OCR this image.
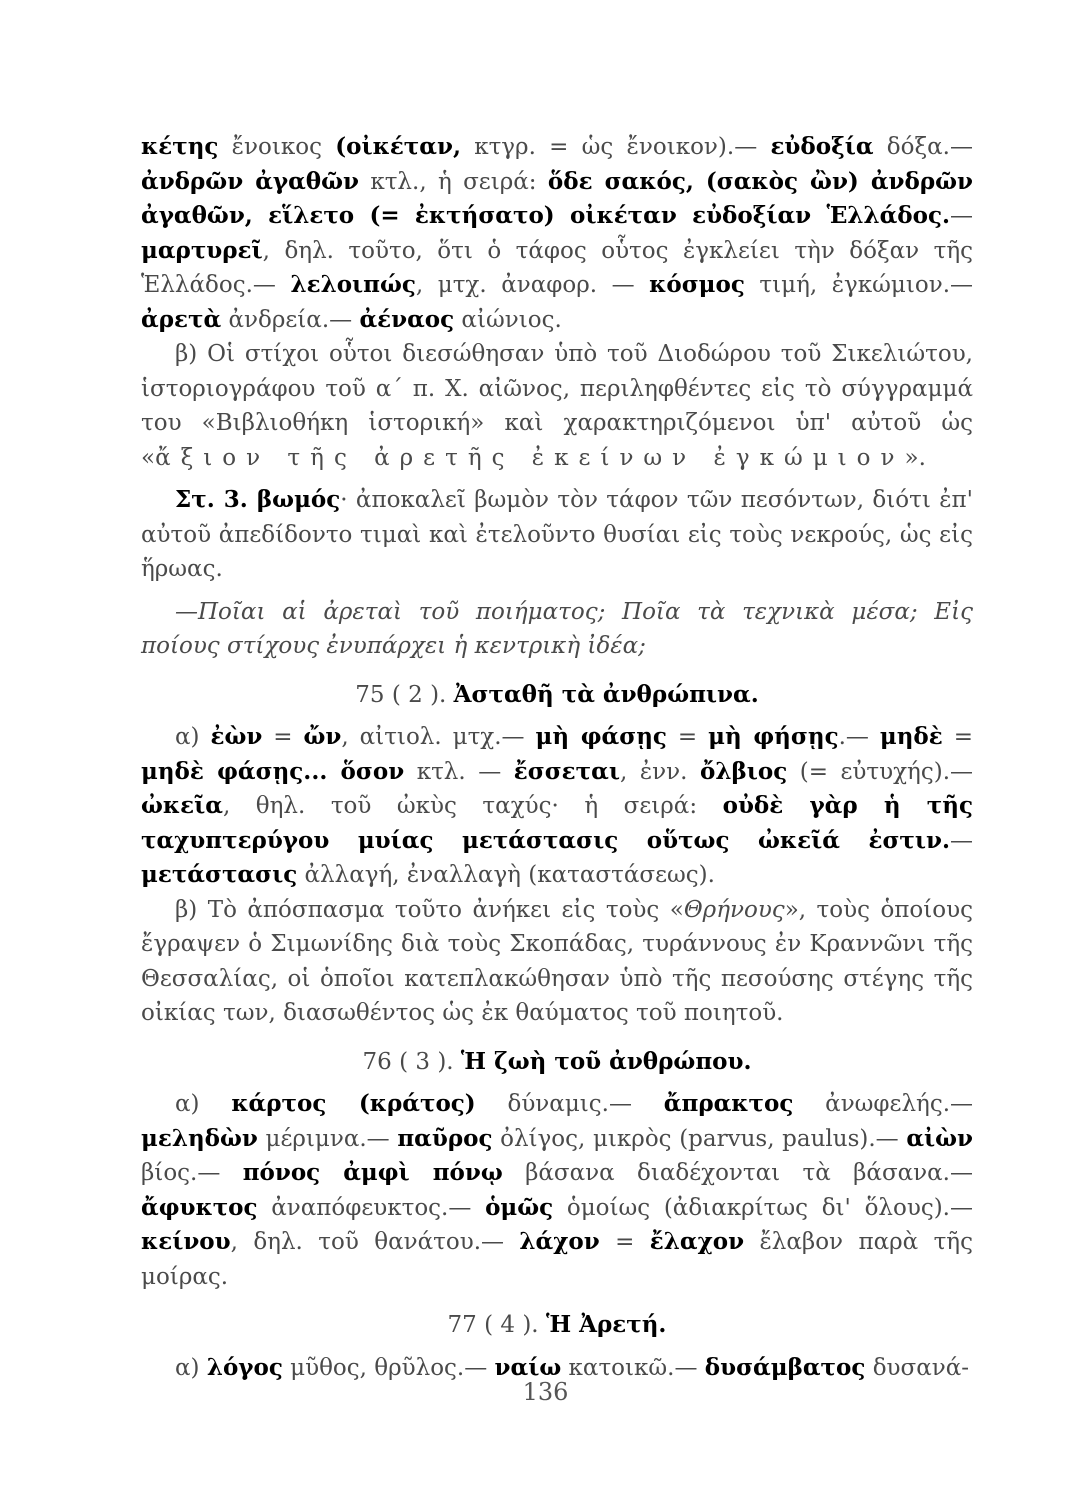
κέτης ἔνοικος (οἰκέταν, κτγρ. = ὡς ἔνοικον).— εὐδοξία δόξα.— ἀνδρῶν ἀγαθῶν κτλ., ἡ σειρά: ὅδε σακός, (σακὸς ὢν) ἀνδρῶν ἀγαθῶν, εἵλετο (= ἐκτήσατο) οἰκέταν εὐδοξίαν Ἑλλάδος.— μαρτυρεῖ, δηλ. τοῦτο, ὅτι ὁ τάφος οὗτος ἐγκλείει τὴν δόξαν τῆς Ἑλλάδος.— λελοιπώς, μτχ. ἀναφορ. — κόσμος τιμή, ἐγκώμιον.— ἀρετὰ ἀνδρεία.— ἀέναος αἰώνιος.

β) Οἱ στίχοι οὗτοι διεσώθησαν ὑπὸ τοῦ Διοδώρου τοῦ Σικελιώτου, ἱστοριογράφου τοῦ α΄ π. Χ. αἰῶνος, περιληφθέντες εἰς τὸ σύγγραμμά του «Βιβλιοθήκη ἱστορική» καὶ χαρακτηριζόμενοι ὑπ' αὐτοῦ ὡς «ἄξιον τῆς ἀρετῆς ἐκείνων ἐγκώμιον».

Στ. 3. βωμός· ἀποκαλεῖ βωμὸν τὸν τάφον τῶν πεσόντων, διότι ἐπ' αὐτοῦ ἀπεδίδοντο τιμαὶ καὶ ἐτελοῦντο θυσίαι εἰς τοὺς νεκρούς, ὡς εἰς ἥρωας.

—Ποῖαι αἱ ἀρεταὶ τοῦ ποιήματος; Ποῖα τὰ τεχνικὰ μέσα; Εἰς ποίους στίχους ἐνυπάρχει ἡ κεντρικὴ ἰδέα;

75 ( 2 ). Ἀσταθῆ τὰ ἀνθρώπινα.

α) ἐὼν = ὤν, αἰτιολ. μτχ.— μὴ φάσῃς = μὴ φήσῃς.— μηδὲ = μηδὲ φάσῃς... ὅσον κτλ. — ἔσσεται, ἐνν. ὄλβιος (= εὐτυχής).— ὠκεῖα, θηλ. τοῦ ὠκὺς ταχύς· ἡ σειρά: οὐδὲ γὰρ ἡ τῆς ταχυπτερύγου μυίας μετάστασις οὕτως ὠκεῖά ἐστιν.— μετάστασις ἀλλαγή, ἐναλλαγὴ (καταστάσεως).

β) Τὸ ἀπόσπασμα τοῦτο ἀνήκει εἰς τοὺς «Θρήνους», τοὺς ὁποίους ἔγραψεν ὁ Σιμωνίδης διὰ τοὺς Σκοπάδας, τυράννους ἐν Κραννῶνι τῆς Θεσσαλίας, οἱ ὁποῖοι κατεπλακώθησαν ὑπὸ τῆς πεσούσης στέγης τῆς οἰκίας των, διασωθέντος ὡς ἐκ θαύματος τοῦ ποιητοῦ.

76 ( 3 ). Ἡ ζωὴ τοῦ ἀνθρώπου.

α) κάρτος (κράτος) δύναμις.— ἄπρακτος ἀνωφελής.— μεληδὼν μέριμνα.— παῦρος ὀλίγος, μικρὸς (parvus, paulus).— αἰὼν βίος.— πόνος ἀμφὶ πόνῳ βάσανα διαδέχονται τὰ βάσανα.— ἄφυκτος ἀναπόφευκτος.— ὁμῶς ὁμοίως (ἀδιακρίτως δι' ὅλους).— κείνου, δηλ. τοῦ θανάτου.— λάχον = ἔλαχον ἔλαβον παρὰ τῆς μοίρας.

77 ( 4 ). Ἡ Ἀρετή.

α) λόγος μῦθος, θρῦλος.— ναίω κατοικῶ.— δυσάμβατος δυσανά-

136
